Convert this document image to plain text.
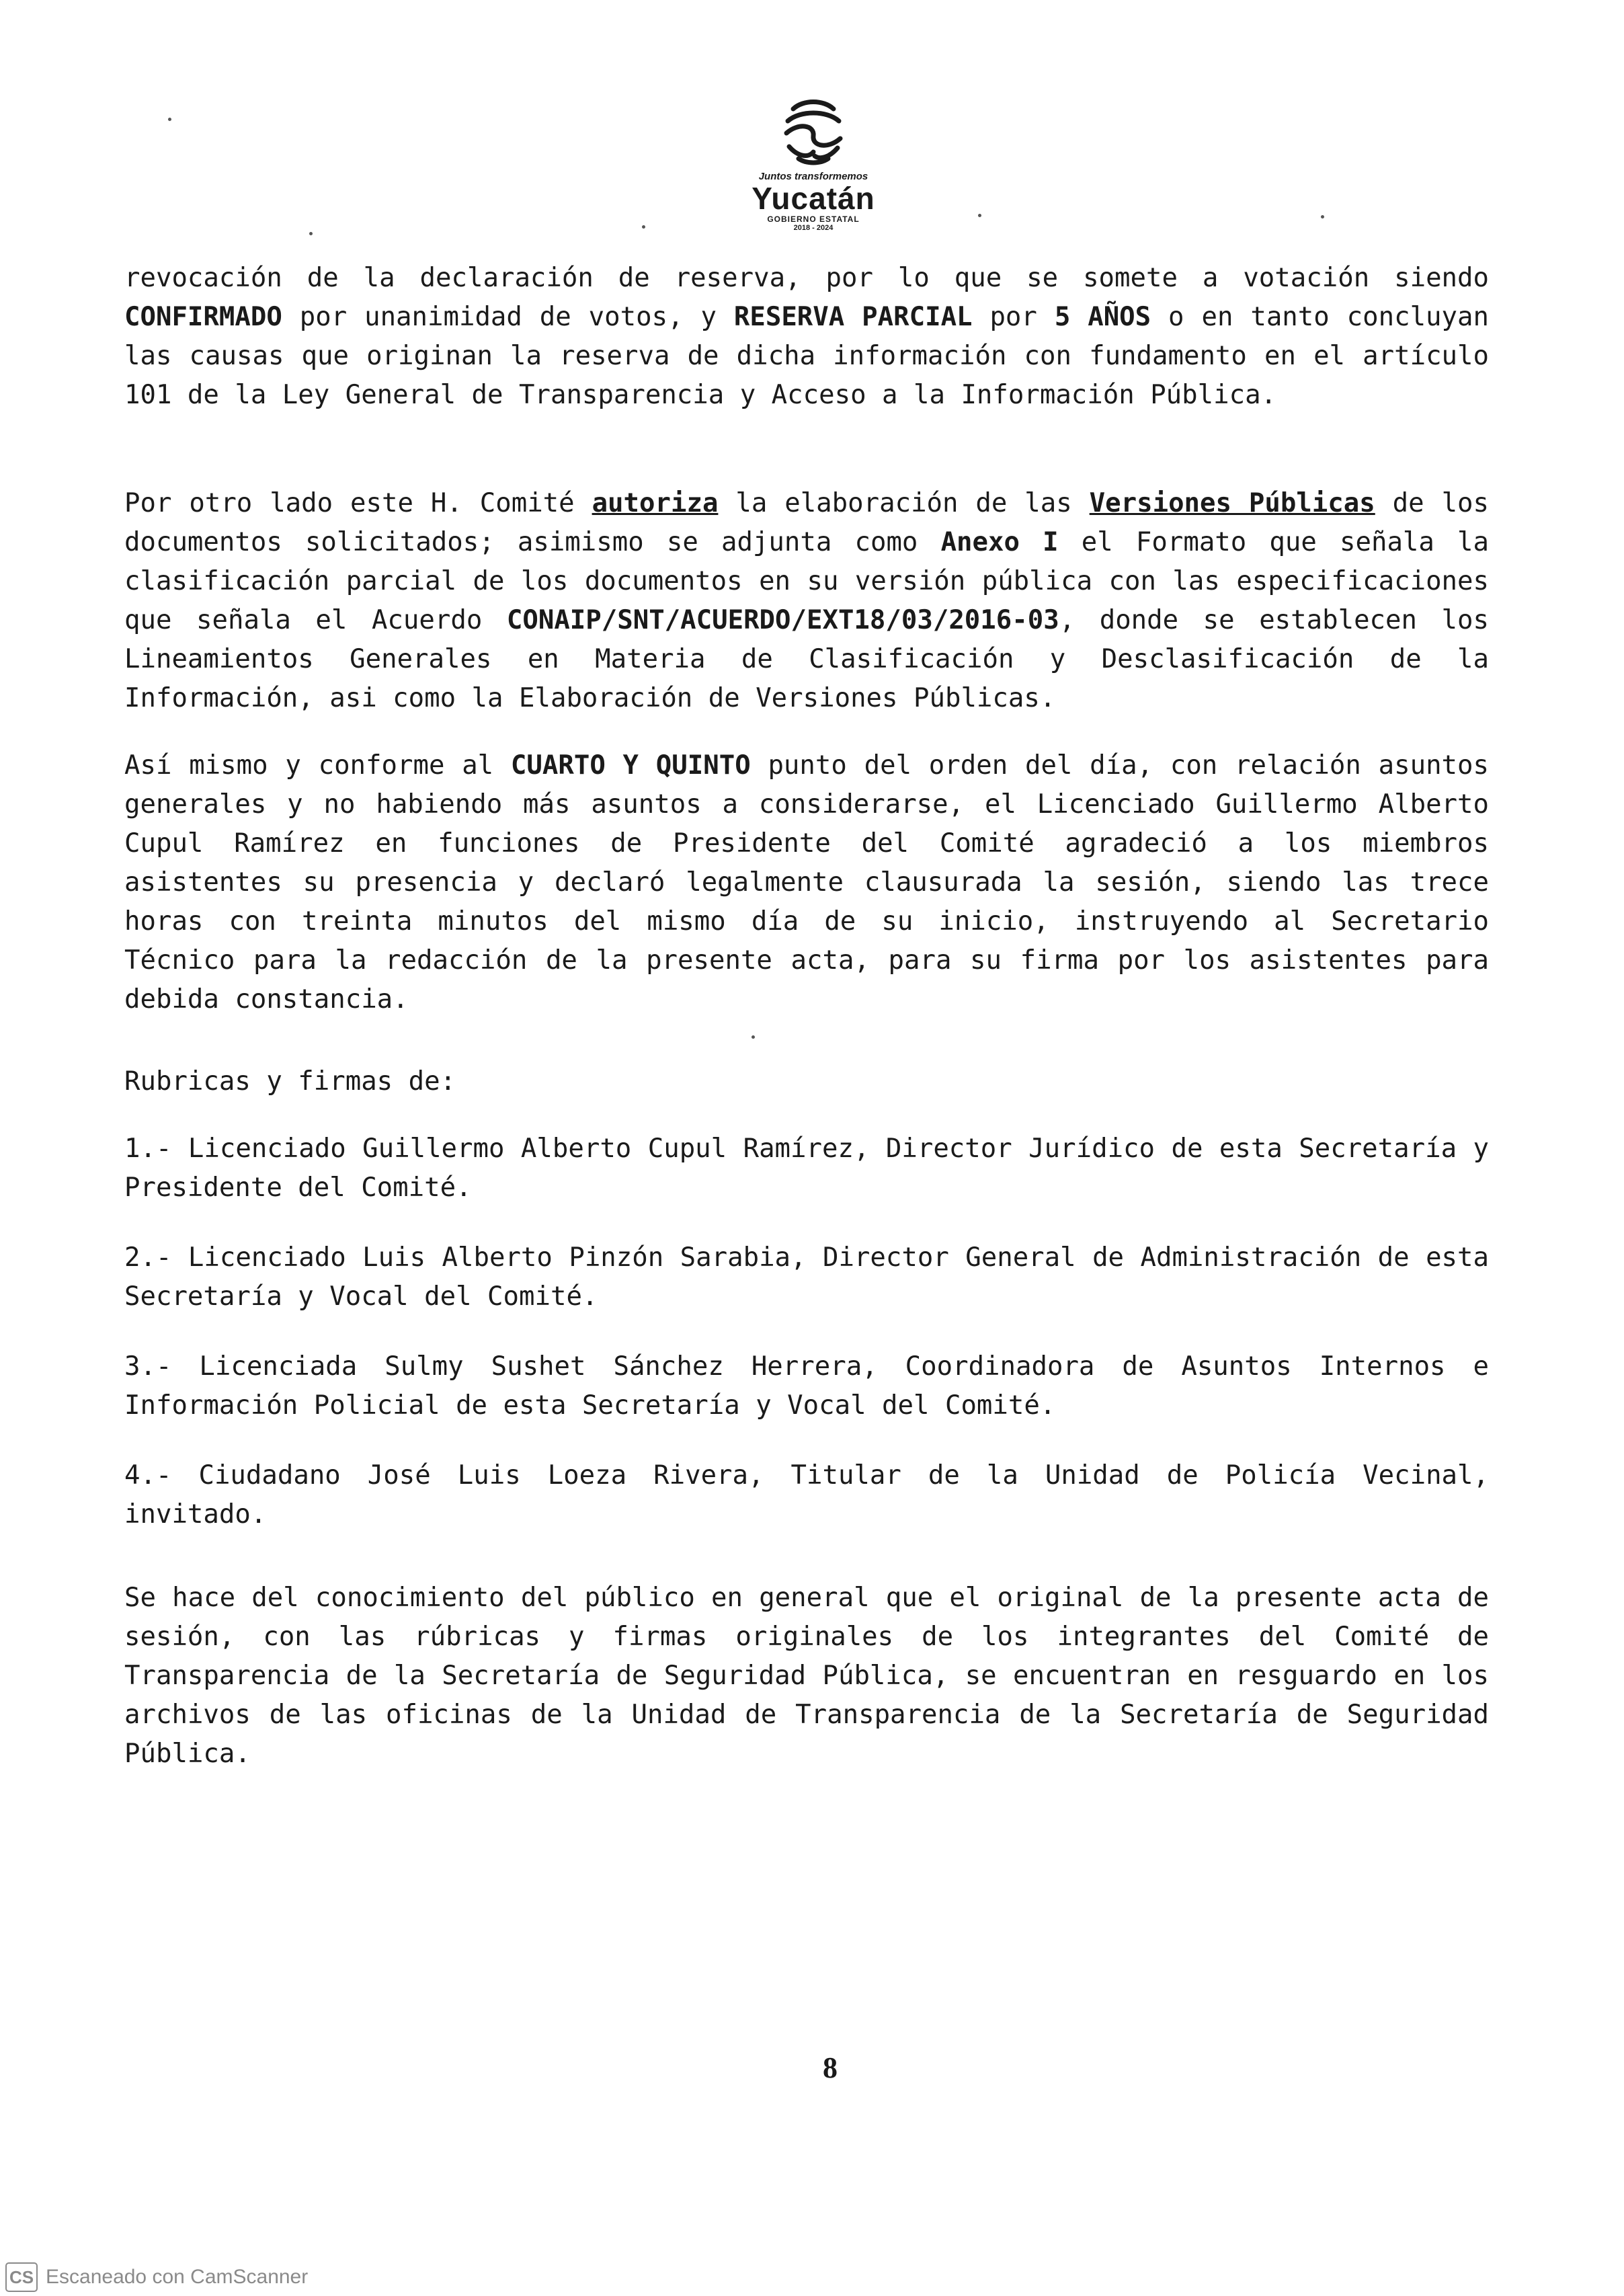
Juntos transformemos
Yucatán
GOBIERNO ESTATAL
2018 - 2024

revocación de la declaración de reserva, por lo que se somete a votación siendo CONFIRMADO por unanimidad de votos, y RESERVA PARCIAL por 5 AÑOS o en tanto concluyan las causas que originan la reserva de dicha información con fundamento en el artículo 101 de la Ley General de Transparencia y Acceso a la Información Pública.

Por otro lado este H. Comité autoriza la elaboración de las Versiones Públicas de los documentos solicitados; asimismo se adjunta como Anexo I el Formato que señala la clasificación parcial de los documentos en su versión pública con las especificaciones que señala el Acuerdo CONAIP/SNT/ACUERDO/EXT18/03/2016-03, donde se establecen los Lineamientos Generales en Materia de Clasificación y Desclasificación de la Información, asi como la Elaboración de Versiones Públicas.

Así mismo y conforme al CUARTO Y QUINTO punto del orden del día, con relación asuntos generales y no habiendo más asuntos a considerarse, el Licenciado Guillermo Alberto Cupul Ramírez en funciones de Presidente del Comité agradeció a los miembros asistentes su presencia y declaró legalmente clausurada la sesión, siendo las trece horas con treinta minutos del mismo día de su inicio, instruyendo al Secretario Técnico para la redacción de la presente acta, para su firma por los asistentes para debida constancia.

Rubricas y firmas de:

1.- Licenciado Guillermo Alberto Cupul Ramírez, Director Jurídico de esta Secretaría y Presidente del Comité.

2.- Licenciado Luis Alberto Pinzón Sarabia, Director General de Administración de esta Secretaría y Vocal del Comité.

3.- Licenciada Sulmy Sushet Sánchez Herrera, Coordinadora de Asuntos Internos e Información Policial de esta Secretaría y Vocal del Comité.

4.- Ciudadano José Luis Loeza Rivera, Titular de la Unidad de Policía Vecinal, invitado.

Se hace del conocimiento del público en general que el original de la presente acta de sesión, con las rúbricas y firmas originales de los integrantes del Comité de Transparencia de la Secretaría de Seguridad Pública, se encuentran en resguardo en los archivos de las oficinas de la Unidad de Transparencia de la Secretaría de Seguridad Pública.

8
CS Escaneado con CamScanner
